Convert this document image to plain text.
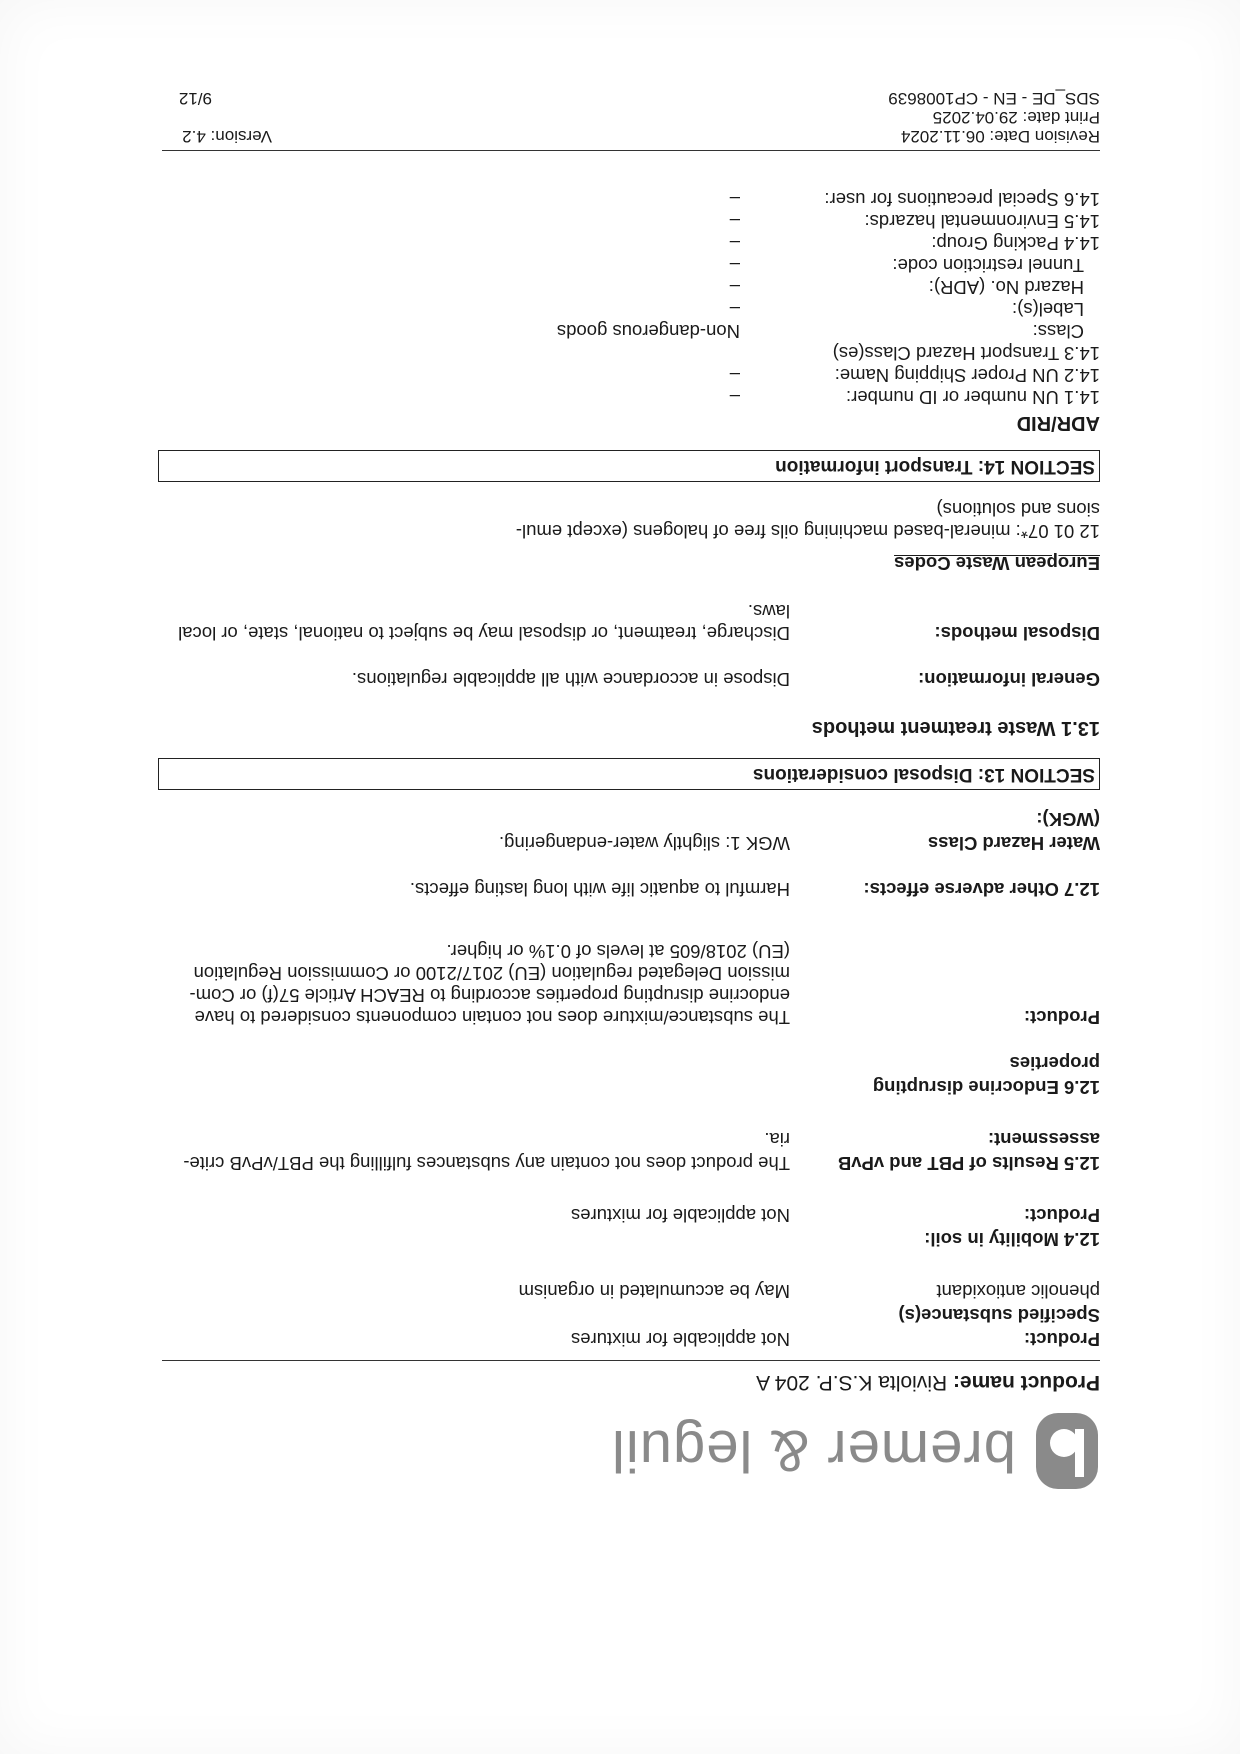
bremer & leguil
Product name: Riviolta K.S.P. 204 A
Product:
Not applicable for mixtures
Specified substance(s)
phenolic antioxidant
May be accumulated in organism
12.4 Mobility in soil:
Product:
Not applicable for mixtures
12.5 Results of PBT and vPvB
assessment:
The product does not contain any substances fulfilling the PBT/vPvB crite-
ria.
12.6 Endocrine disrupting
properties
Product:
The substance/mixture does not contain components considered to have
endocrine disrupting properties according to REACH Article 57(f) or Com-
mission Delegated regulation (EU) 2017/2100 or Commission Regulation
(EU) 2018/605 at levels of 0.1% or higher.
12.7 Other adverse effects:
Harmful to aquatic life with long lasting effects.
Water Hazard Class
(WGK):
WGK 1: slightly water-endangering.
SECTION 13: Disposal considerations
13.1 Waste treatment methods
General information:
Dispose in accordance with all applicable regulations.
Disposal methods:
Discharge, treatment, or disposal may be subject to national, state, or local
laws.
European Waste Codes
12 01 07*: mineral-based machining oils free of halogens (except emul-
sions and solutions)
SECTION 14: Transport information
ADR/RID
14.1 UN number or ID number:
–
14.2 UN Proper Shipping Name:
–
14.3 Transport Hazard Class(es)
Class:
Non-dangerous goods
Label(s):
–
Hazard No. (ADR):
–
Tunnel restriction code:
–
14.4 Packing Group:
–
14.5 Environmental hazards:
–
14.6 Special precautions for user:
–
Revision Date: 06.11.2024
Print date: 29.04.2025
SDS_DE - EN - CP1008639
Version: 4.2
9/12
